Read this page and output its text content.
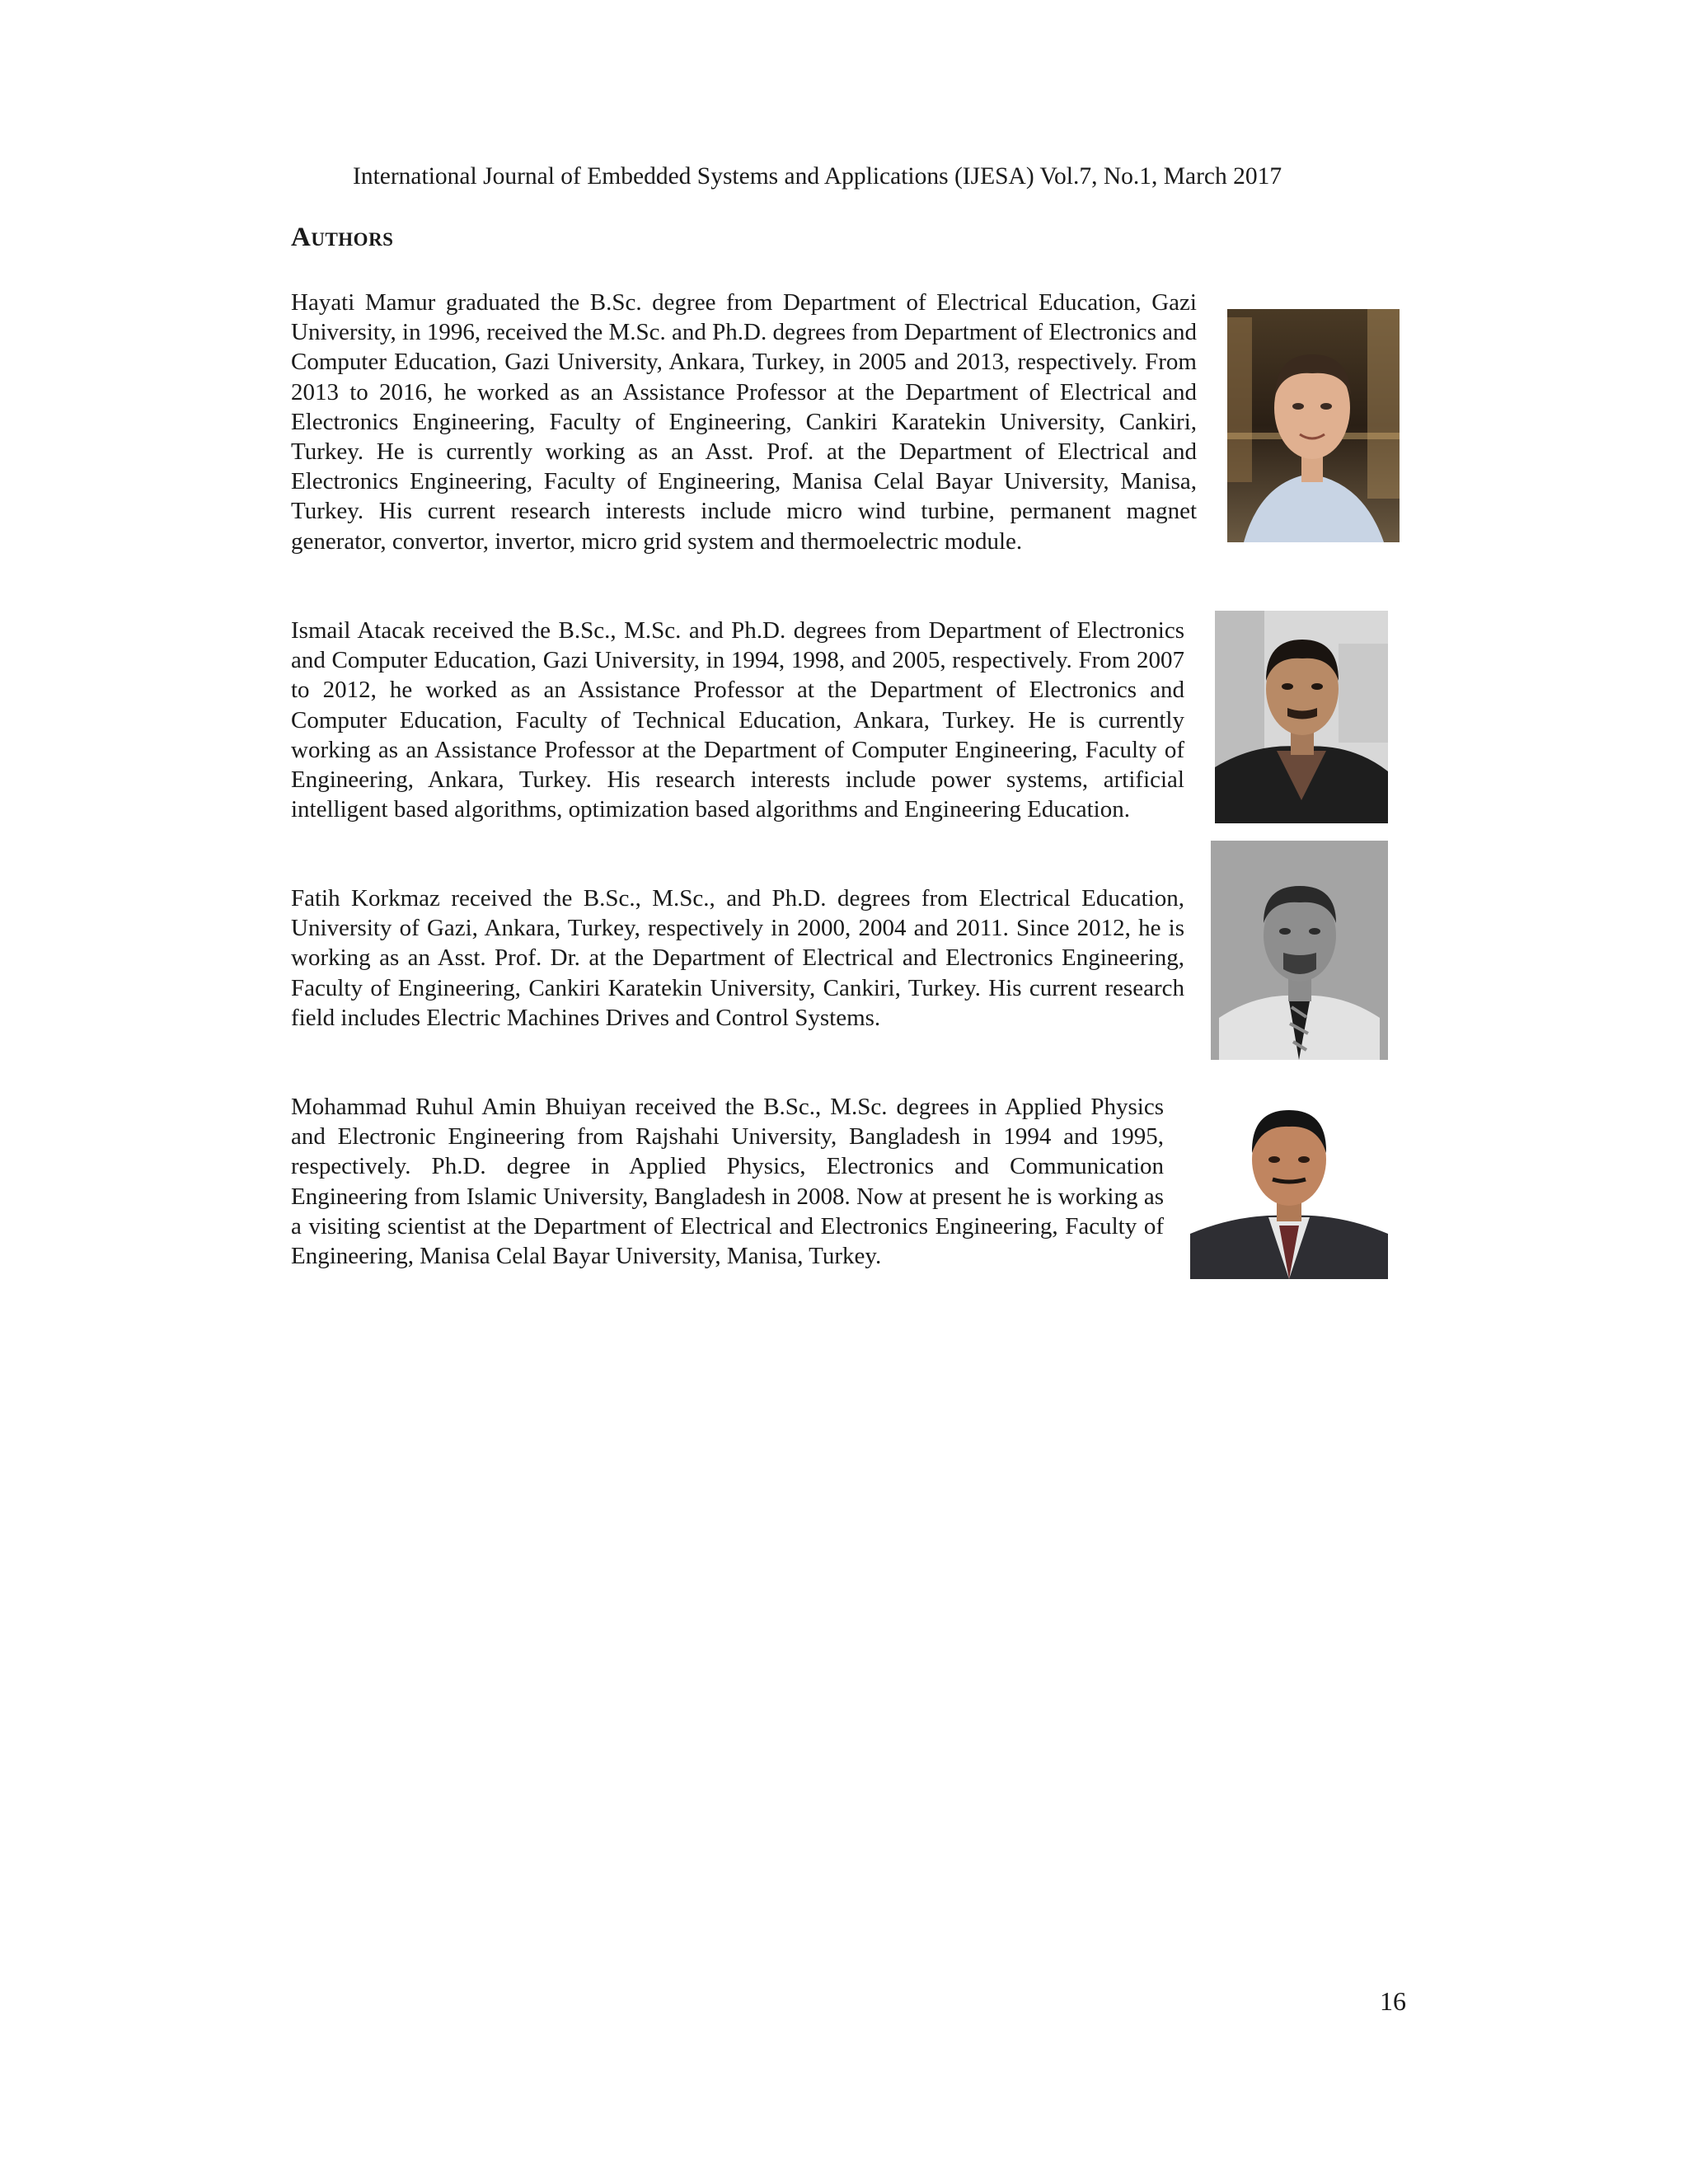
International Journal of Embedded Systems and Applications (IJESA) Vol.7, No.1, March 2017
Authors
Hayati Mamur graduated the B.Sc. degree from Department of Electrical Education, Gazi University, in 1996, received the M.Sc. and Ph.D. degrees from Department of Electronics and Computer Education, Gazi University, Ankara, Turkey, in 2005 and 2013, respectively. From 2013 to 2016, he worked as an Assistance Professor at the Department of Electrical and Electronics Engineering, Faculty of Engineering, Cankiri Karatekin University, Cankiri, Turkey. He is currently working as an Asst. Prof. at the Department of Electrical and Electronics Engineering, Faculty of Engineering, Manisa Celal Bayar University, Manisa, Turkey. His current research interests include micro wind turbine, permanent magnet generator, convertor, invertor, micro grid system and thermoelectric module.
Ismail Atacak received the B.Sc., M.Sc. and Ph.D. degrees from Department of Electronics and Computer Education, Gazi University, in 1994, 1998, and 2005, respectively. From 2007 to 2012, he worked as an Assistance Professor at the Department of Electronics and Computer Education, Faculty of Technical Education, Ankara, Turkey. He is currently working as an Assistance Professor at the Department of Computer Engineering, Faculty of Engineering, Ankara, Turkey. His research interests include power systems, artificial intelligent based algorithms, optimization based algorithms and Engineering Education.
Fatih Korkmaz received the B.Sc., M.Sc., and Ph.D. degrees from Electrical Education, University of Gazi, Ankara, Turkey, respectively in 2000, 2004 and 2011. Since 2012, he is working as an Asst. Prof. Dr. at the Department of Electrical and Electronics Engineering, Faculty of Engineering, Cankiri Karatekin University, Cankiri, Turkey. His current research field includes Electric Machines Drives and Control Systems.
Mohammad Ruhul Amin Bhuiyan received the B.Sc., M.Sc. degrees in Applied Physics and Electronic Engineering from Rajshahi University, Bangladesh in 1994 and 1995, respectively. Ph.D. degree in Applied Physics, Electronics and Communication Engineering from Islamic University, Bangladesh in 2008. Now at present he is working as a visiting scientist at the Department of Electrical and Electronics Engineering, Faculty of Engineering, Manisa Celal Bayar University, Manisa, Turkey.
16
